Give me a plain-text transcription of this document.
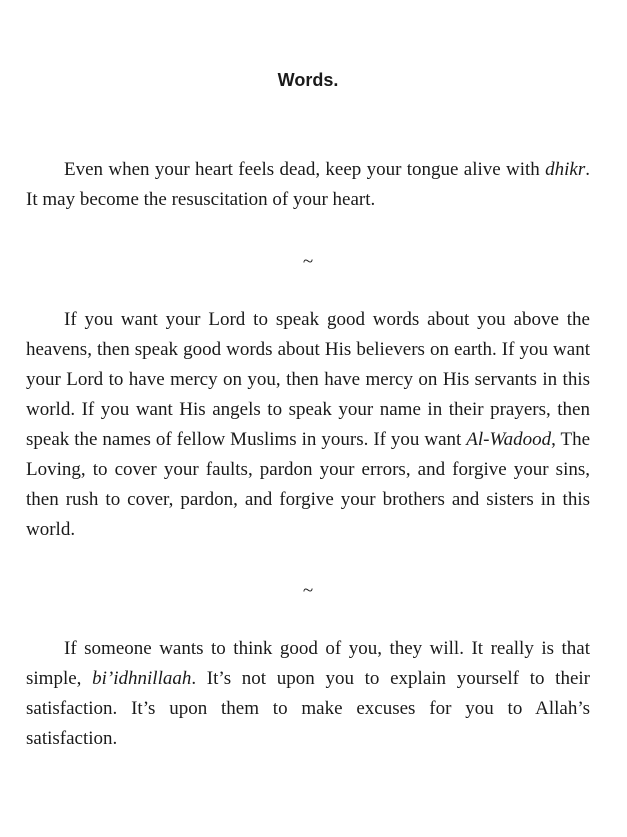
Words.

Even when your heart feels dead, keep your tongue alive with dhikr. It may become the resuscitation of your heart.

~

If you want your Lord to speak good words about you above the heavens, then speak good words about His believers on earth. If you want your Lord to have mercy on you, then have mercy on His servants in this world. If you want His angels to speak your name in their prayers, then speak the names of fellow Muslims in yours. If you want Al-Wadood, The Loving, to cover your faults, pardon your errors, and forgive your sins, then rush to cover, pardon, and forgive your brothers and sisters in this world.

~

If someone wants to think good of you, they will. It really is that simple, bi’idhnillaah. It’s not upon you to explain yourself to their satisfaction. It’s upon them to make excuses for you to Allah’s satisfaction.
